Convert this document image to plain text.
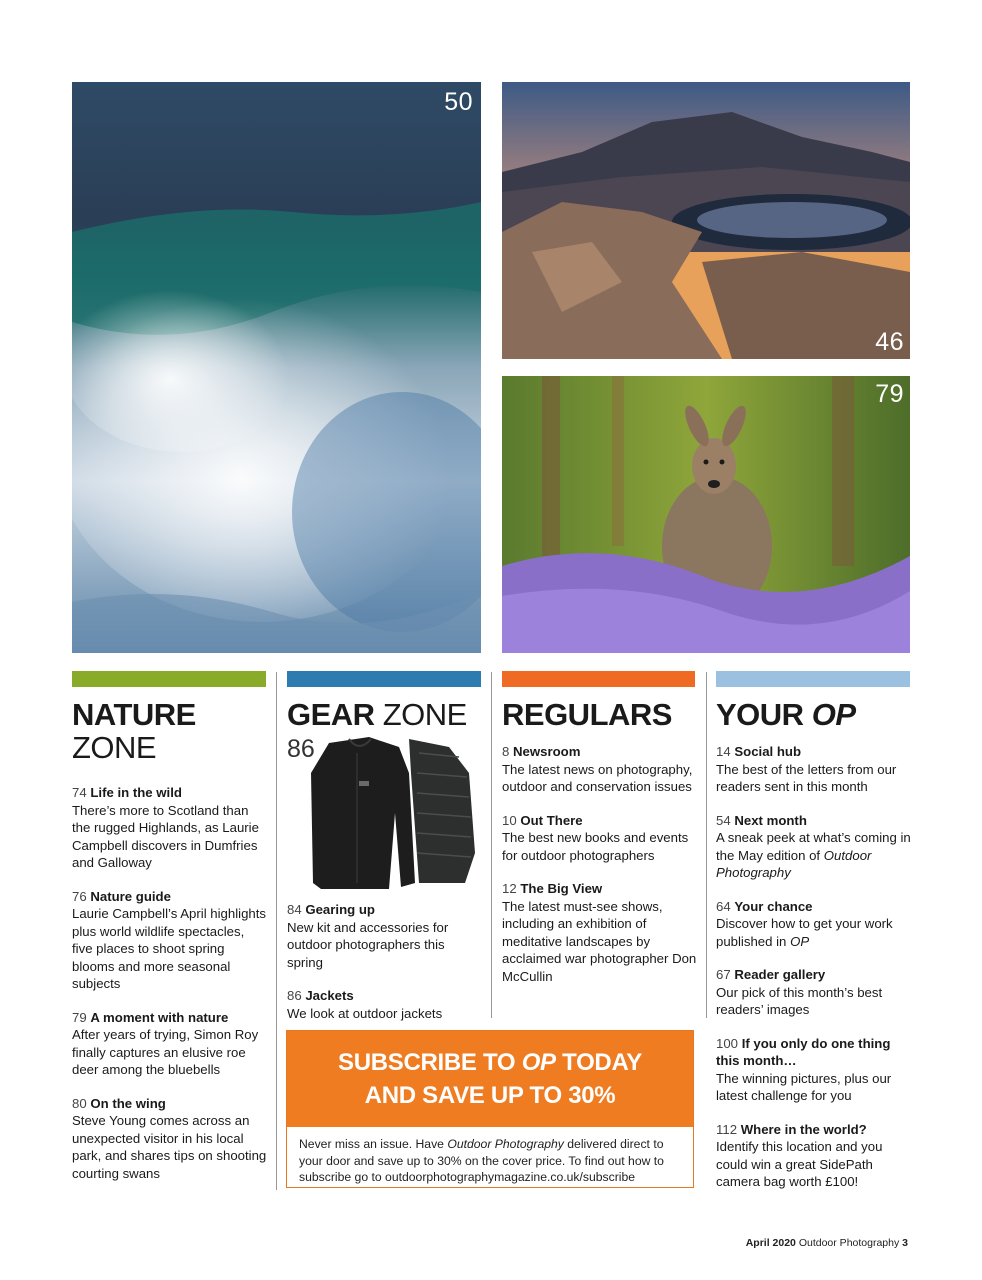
50
46
79
NATURE
ZONE
74 Life in the wild

There’s more to Scotland than the rugged Highlands, as Laurie Campbell discovers in Dumfries and Galloway

76 Nature guide

Laurie Campbell’s April highlights plus world wildlife spectacles, five places to shoot spring blooms and more seasonal subjects

79 A moment with nature

After years of trying, Simon Roy finally captures an elusive roe deer among the bluebells

80 On the wing

Steve Young comes across an unexpected visitor in his local park, and shares tips on shooting courting swans

GEAR ZONE
86
84 Gearing up

New kit and accessories for outdoor photographers this spring

86 Jackets

We look at outdoor jackets

REGULARS
8 Newsroom

The latest news on photography, outdoor and conservation issues

10 Out There

The best new books and events for outdoor photographers

12 The Big View

The latest must-see shows, including an exhibition of meditative landscapes by acclaimed war photographer Don McCullin

YOUR OP
14 Social hub

The best of the letters from our readers sent in this month

54 Next month

A sneak peek at what’s coming in the May edition of Outdoor Photography

64 Your chance

Discover how to get your work published in OP

67 Reader gallery

Our pick of this month’s best readers’ images

100 If you only do one thing this month…

The winning pictures, plus our latest challenge for you

112 Where in the world?

Identify this location and you could win a great SidePath camera bag worth £100!

SUBSCRIBE TO OP TODAY
AND SAVE UP TO 30%
Never miss an issue. Have Outdoor Photography delivered direct to your door and save up to 30% on the cover price. To find out how to subscribe go to outdoorphotographymagazine.co.uk/subscribe
April 2020 Outdoor Photography 3
